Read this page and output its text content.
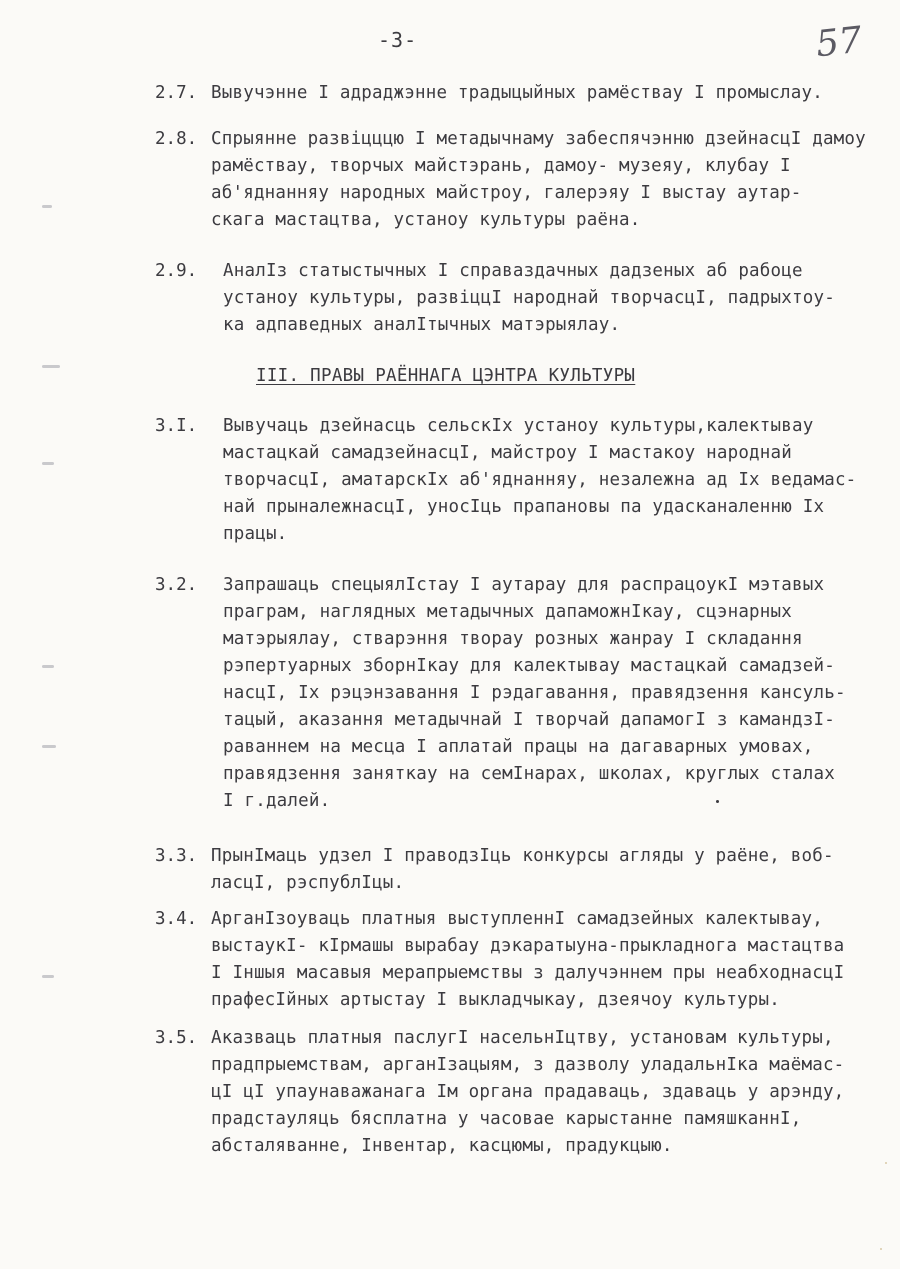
-3-	57
2.7. Вывучэнне І адраджэнне традыцыйных рамёствау І промыслау.
2.8. Спрыянне развіцццю І метадычнаму забеспячэнню дзейнасцІ дамоу
рамёствау, творчых майстэрань, дамоу- музеяу, клубау І
аб'яднанняу народных майстроу, галерэяу І выстау аутар-
скага мастацтва, устаноу культуры раёна.
2.9. АналІз статыстычных І справаздачных дадзеных аб рабоце
устаноу культуры, развіццІ народнай творчасцІ, падрыхтоу-
ка адпаведных аналІтычных матэрыялау.
III. ПРАВЫ РАЁННАГА ЦЭНТРА КУЛЬТУРЫ
3.І. Вывучаць дзейнасць сельскІх устаноу культуры,калектывау
мастацкай самадзейнасцІ, майстроу І мастакоу народнай
творчасцІ, аматарскІх аб'яднанняу, незалежна ад Іх ведамас-
най прыналежнасцІ, уносІць прапановы па удасканаленню Іх
працы.
3.2. Запрашаць спецыялІстау І аутарау для распрацоукІ мэтавых
праграм, наглядных метадычных дапаможнІкау, сцэнарных
матэрыялау, стварэння творау розных жанрау І складання
рэпертуарных зборнІкау для калектывау мастацкай самадзей-
насцІ, Іх рэцэнзавання І рэдагавання, правядзення кансуль-
тацый, аказання метадычнай І творчай дапамогІ з камандзІ-
раваннем на месца І аплатай працы на дагаварных умовах,
правядзення заняткау на семІнарах, школах, круглых сталах
І г.далей.
3.3. ПрынІмаць удзел І праводзІць конкурсы агляды у раёне, воб-
ласцІ, рэспублІцы.
3.4. АрганІзоуваць платныя выступленнІ самадзейных калектывау,
выстаукІ- кІрмашы вырабау дэкаратыуна-прыкладнога мастацтва
І Іншыя масавыя мерапрыемствы з далучэннем пры неабходнасцІ
прафесІйных артыстау І выкладчыкау, дзеячоу культуры.
3.5. Аказваць платныя паслугІ насельнІцтву, установам культуры,
прадпрыемствам, арганІзацыям, з дазволу уладальнІка маёмас-
цІ цІ упаунаважанага Ім органа прадаваць, здаваць у арэнду,
прадстауляць бясплатна у часовае карыстанне памяшканнІ,
абсталяванне, Інвентар, касцюмы, прадукцыю.
